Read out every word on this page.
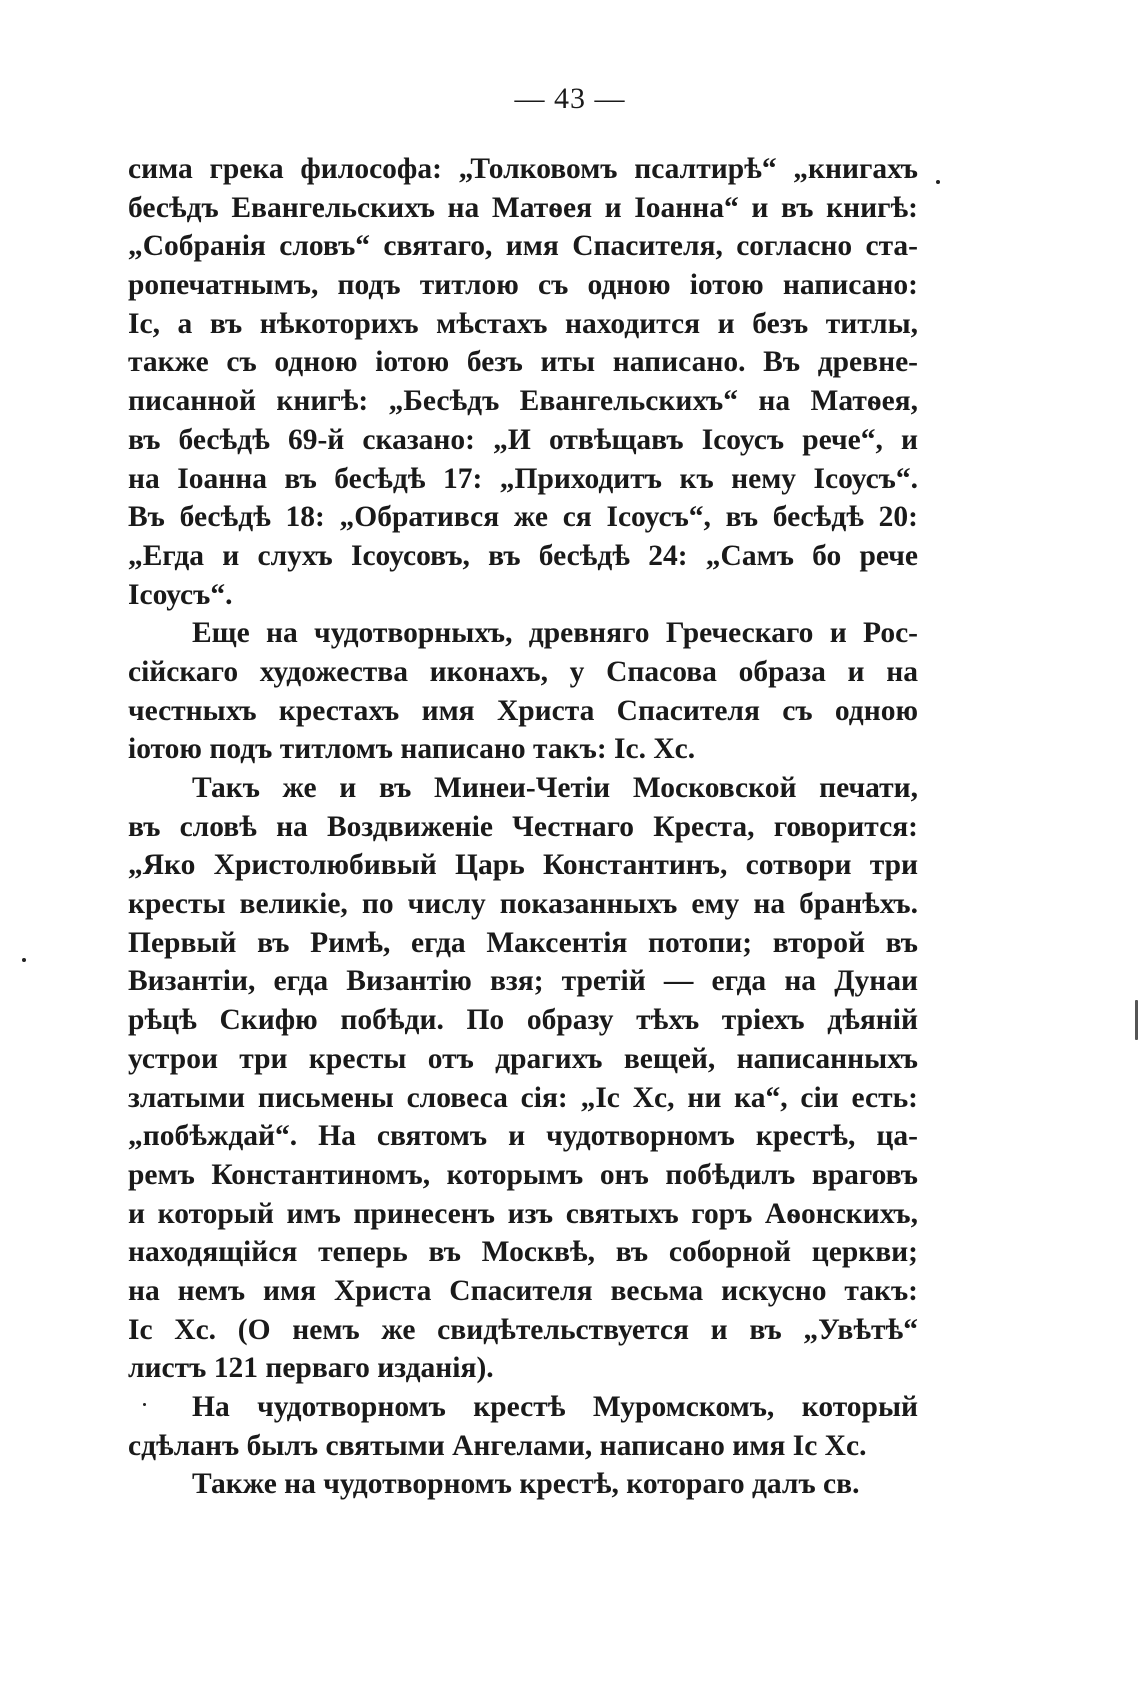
— 43 —
сима грека философа: „Толковомъ псалтирѣ“ „книгахъ
бесѣдъ Евангельскихъ на Матѳея и Іоанна“ и въ книгѣ:
„Собранія словъ“ святаго, имя Спасителя, согласно ста-
ропечатнымъ, подъ титлою съ одною іотою написано:
Іс, а въ нѣкоторихъ мѣстахъ находится и безъ титлы,
также съ одною іотою безъ иты написано. Въ древне-
писанной книгѣ: „Бесѣдъ Евангельскихъ“ на Матѳея,
въ бесѣдѣ 69-й сказано: „И отвѣщавъ Ісоусъ рече“, и
на Іоанна въ бесѣдѣ 17: „Приходитъ къ нему Ісоусъ“.
Въ бесѣдѣ 18: „Обратився же ся Ісоусъ“, въ бесѣдѣ 20:
„Егда и слухъ Ісоусовъ, въ бесѣдѣ 24: „Самъ бо рече
Ісоусъ“.
Еще на чудотворныхъ, древняго Греческаго и Рос-
сійскаго художества иконахъ, у Спасова образа и на
честныхъ крестахъ имя Христа Спасителя съ одною
іотою подъ титломъ написано такъ: Іс. Хс.
Такъ же и въ Минеи-Четіи Московской печати,
въ словѣ на Воздвиженіе Честнаго Креста, говорится:
„Яко Христолюбивый Царь Константинъ, сотвори три
кресты великіе, по числу показанныхъ ему на бранѣхъ.
Первый въ Римѣ, егда Максентія потопи; второй въ
Византіи, егда Византію взя; третій — егда на Дунаи
рѣцѣ Скифю побѣди. По образу тѣхъ тріехъ дѣяній
устрои три кресты отъ драгихъ вещей, написанныхъ
златыми письмены словеса сія: „Іс Хс, ни ка“, сіи есть:
„побѣждай“. На святомъ и чудотворномъ крестѣ, ца-
ремъ Константиномъ, которымъ онъ побѣдилъ враговъ
и который имъ принесенъ изъ святыхъ горъ Аѳонскихъ,
находящійся теперь въ Москвѣ, въ соборной церкви;
на немъ имя Христа Спасителя весьма искусно такъ:
Іс Хс. (О немъ же свидѣтельствуется и въ „Увѣтѣ“
листъ 121 перваго изданія).
На чудотворномъ крестѣ Муромскомъ, который
сдѣланъ былъ святыми Ангелами, написано имя Іс Хс.
Также на чудотворномъ крестѣ, котораго далъ св.
